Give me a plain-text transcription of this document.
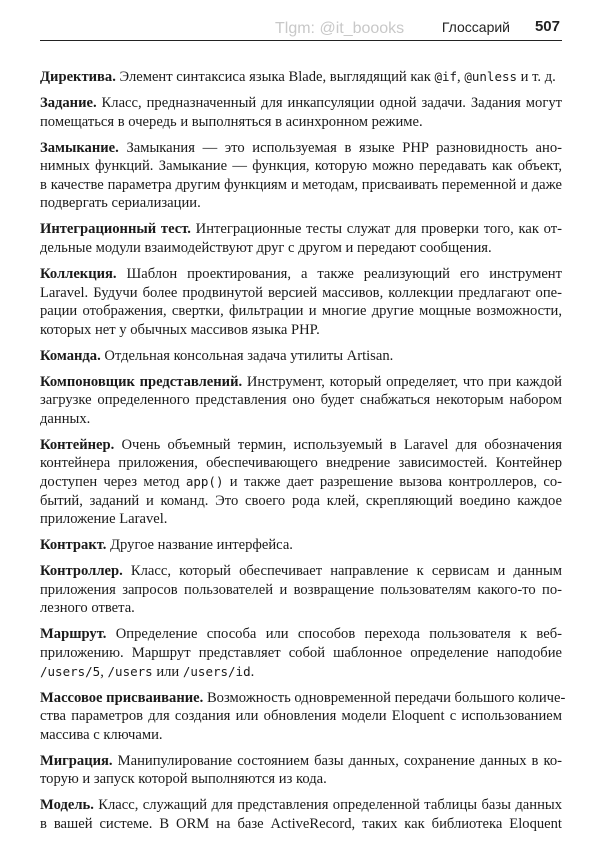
Tlgm: @it_boooks	Глоссарий 507
Директива. Элемент синтаксиса языка Blade, выглядящий как @if, @unless и т. д.
Задание. Класс, предназначенный для инкапсуляции одной задачи. Задания могут
помещаться в очередь и выполняться в асинхронном режиме.
Замыкание. Замыкания — это используемая в языке PHP разновидность ано-
нимных функций. Замыкание — функция, которую можно передавать как объект,
в качестве параметра другим функциям и методам, присваивать переменной и даже
подвергать сериализации.
Интеграционный тест. Интеграционные тесты служат для проверки того, как от-
дельные модули взаимодействуют друг с другом и передают сообщения.
Коллекция. Шаблон проектирования, а также реализующий его инструмент
Laravel. Будучи более продвинутой версией массивов, коллекции предлагают опе-
рации отображения, свертки, фильтрации и многие другие мощные возможности,
которых нет у обычных массивов языка PHP.
Команда. Отдельная консольная задача утилиты Artisan.
Компоновщик представлений. Инструмент, который определяет, что при каждой
загрузке определенного представления оно будет снабжаться некоторым набором
данных.
Контейнер. Очень объемный термин, используемый в Laravel для обозначения
контейнера приложения, обеспечивающего внедрение зависимостей. Контейнер
доступен через метод app() и также дает разрешение вызова контроллеров, со-
бытий, заданий и команд. Это своего рода клей, скрепляющий воедино каждое
приложение Laravel.
Контракт. Другое название интерфейса.
Контроллер. Класс, который обеспечивает направление к сервисам и данным
приложения запросов пользователей и возвращение пользователям какого-то по-
лезного ответа.
Маршрут. Определение способа или способов перехода пользователя к веб-
приложению. Маршрут представляет собой шаблонное определение наподобие
/users/5, /users или /users/id.
Массовое присваивание. Возможность одновременной передачи большого количе-
ства параметров для создания или обновления модели Eloquent с использованием
массива с ключами.
Миграция. Манипулирование состоянием базы данных, сохранение данных в ко-
торую и запуск которой выполняются из кода.
Модель. Класс, служащий для представления определенной таблицы базы данных
в вашей системе. В ORM на базе ActiveRecord, таких как библиотека Eloquent
